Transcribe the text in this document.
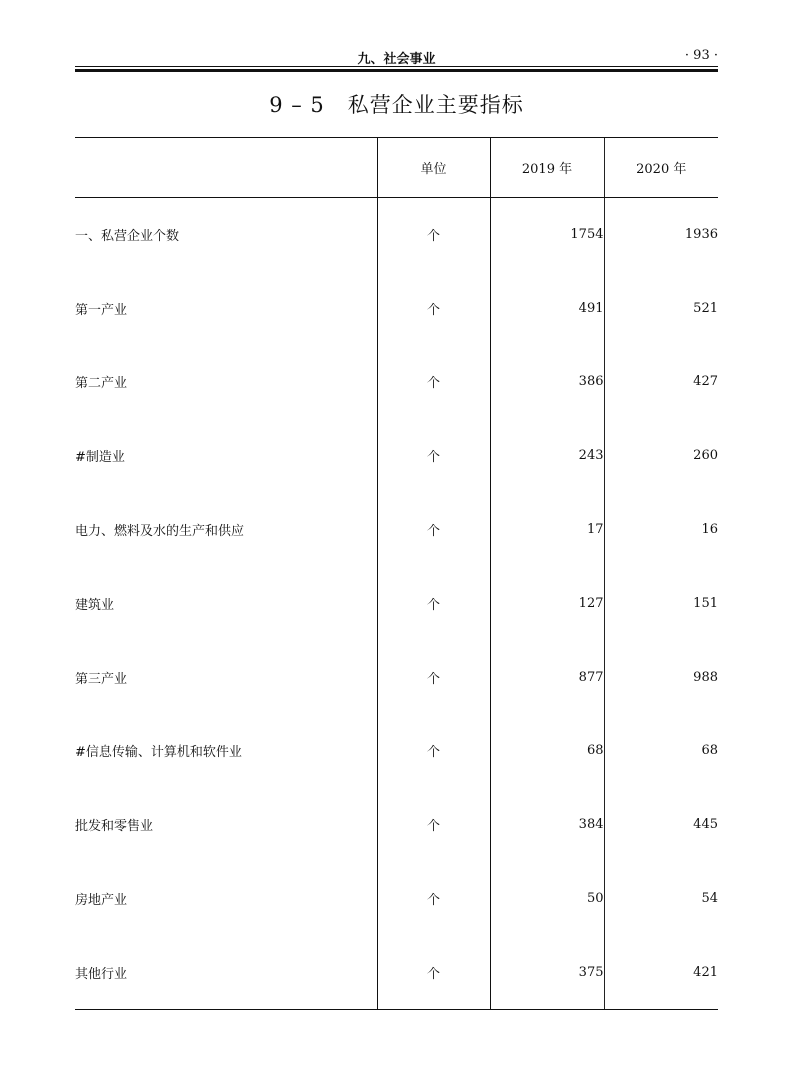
九、社会事业	· 93 ·
9 – 5   私营企业主要指标
	单位	2019 年	2020 年
一、私营企业个数	个	1754	1936
第一产业	个	491	521
第二产业	个	386	427
#制造业	个	243	260
电力、燃料及水的生产和供应	个	17	16
建筑业	个	127	151
第三产业	个	877	988
#信息传输、计算机和软件业	个	68	68
批发和零售业	个	384	445
房地产业	个	50	54
其他行业	个	375	421
